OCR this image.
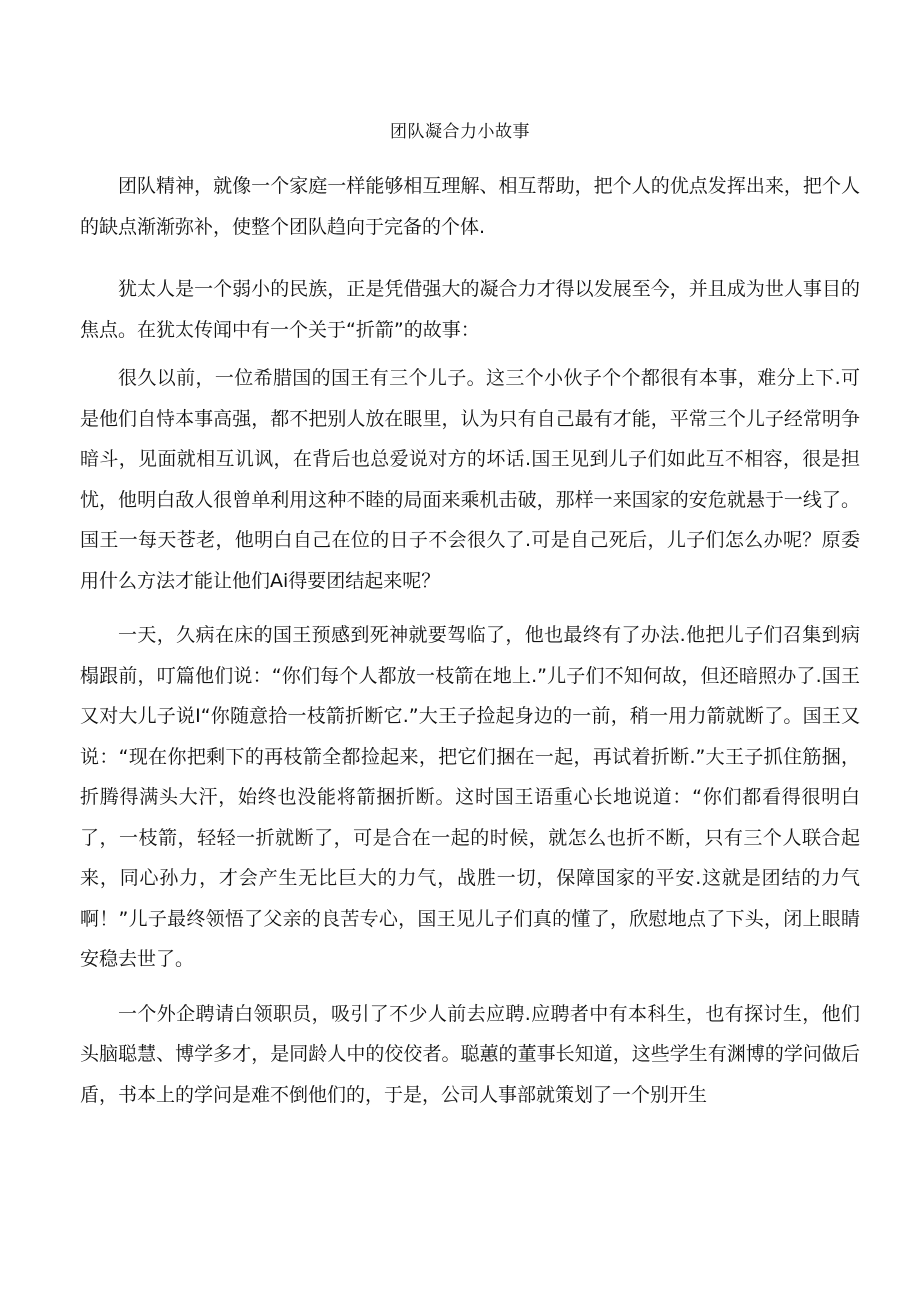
团队凝合力小故事

团队精神，就像一个家庭一样能够相互理解、相互帮助，把个人的优点发挥出来，把个人的缺点渐渐弥补，使整个团队趋向于完备的个体.

犹太人是一个弱小的民族，正是凭借强大的凝合力才得以发展至今，并且成为世人事目的焦点。在犹太传闻中有一个关于“折箭”的故事：

很久以前，一位希腊国的国王有三个儿子。这三个小伙子个个都很有本事，难分上下.可是他们自恃本事高强，都不把别人放在眼里，认为只有自己最有才能，平常三个儿子经常明争暗斗，见面就相互讥讽，在背后也总爱说对方的坏话.国王见到儿子们如此互不相容，很是担忧，他明白敌人很曾单利用这种不睦的局面来乘机击破，那样一来国家的安危就悬于一线了。国王一每天苍老，他明白自己在位的日子不会很久了.可是自己死后，儿子们怎么办呢？原委用什么方法才能让他们Ai得要团结起来呢？

一天，久病在床的国王预感到死神就要驾临了，他也最终有了办法.他把儿子们召集到病榻跟前，叮篇他们说：“你们每个人都放一枝箭在地上.”儿子们不知何故，但还暗照办了.国王又对大儿子说I“你随意拾一枝箭折断它.”大王子捡起身边的一前，稍一用力箭就断了。国王又说：“现在你把剩下的再枝箭全都捡起来，把它们捆在一起，再试着折断.”大王子抓住筋捆，折腾得满头大汗，始终也没能将箭捆折断。这时国王语重心长地说道：“你们都看得很明白了，一枝箭，轻轻一折就断了，可是合在一起的时候，就怎么也折不断，只有三个人联合起来，同心孙力，才会产生无比巨大的力气，战胜一切，保障国家的平安.这就是团结的力气啊！”儿子最终领悟了父亲的良苦专心，国王见儿子们真的懂了，欣慰地点了下头，闭上眼睛安稳去世了。

一个外企聘请白领职员，吸引了不少人前去应聘.应聘者中有本科生，也有探讨生，他们头脑聪慧、博学多才，是同龄人中的佼佼者。聪蕙的董事长知道，这些学生有渊博的学问做后盾，书本上的学问是难不倒他们的，于是，公司人事部就策划了一个别开生
